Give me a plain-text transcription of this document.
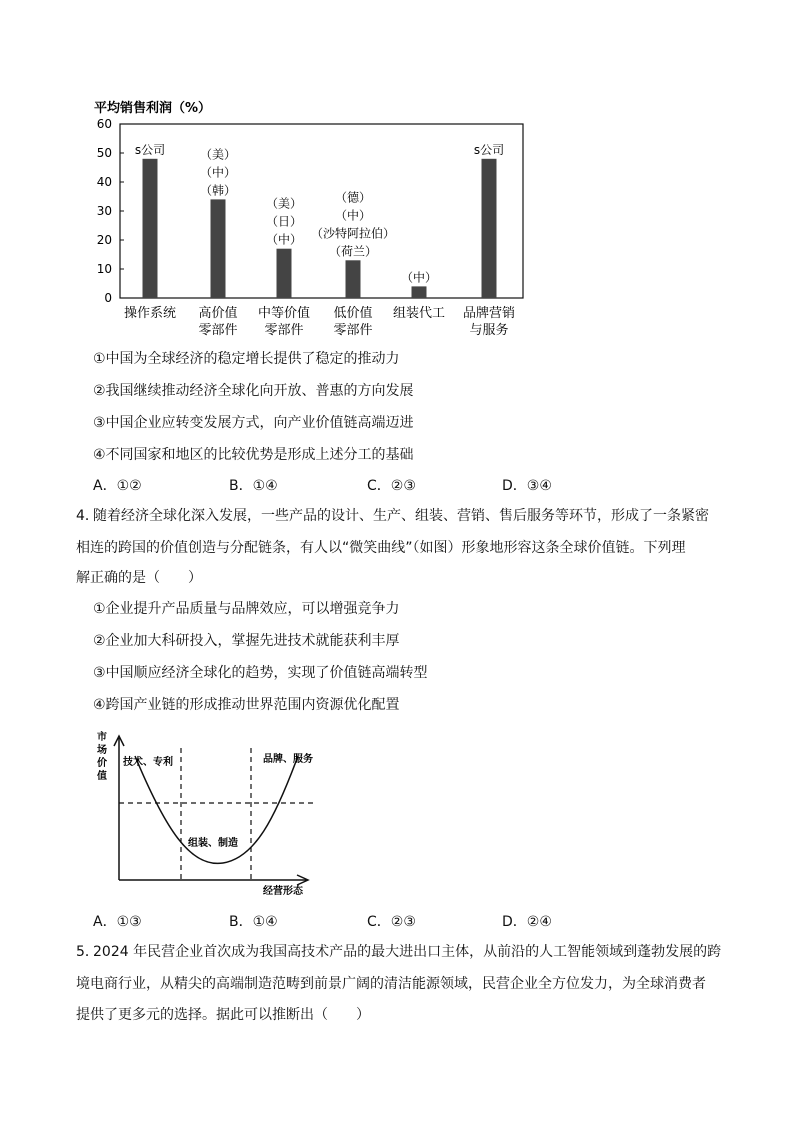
平均销售利润（%）
60
50
40
30
20
10
0
s公司
操作系统
（美）
（中）
（韩）
高价值
零部件
（美）
（日）
（中）
中等价值
零部件
（德）
（中）
（沙特阿拉伯）
（荷兰）
低价值
零部件
（中）
组装代工
s公司
品牌营销
与服务
①中国为全球经济的稳定增长提供了稳定的推动力
②我国继续推动经济全球化向开放、普惠的方向发展
③中国企业应转变发展方式，向产业价值链高端迈进
④不同国家和地区的比较优势是形成上述分工的基础
A．①②	B．①④	C．②③	D．③④
4．
随着经济全球化深入发展，一些产品的设计、生产、组装、营销、售后服务等环节，形成了一条紧密
相连的跨国的价值创造与分配链条，有人以“微笑曲线”（如图）形象地形容这条全球价值链。下列理
解正确的是（　　）
①企业提升产品质量与品牌效应，可以增强竞争力
②企业加大科研投入，掌握先进技术就能获利丰厚
③中国顺应经济全球化的趋势，实现了价值链高端转型
④跨国产业链的形成推动世界范围内资源优化配置
市
场
价
值
技术、专利	品牌、服务
组装、制造
经营形态
A．①③	B．①④	C．②③	D．②④
5．
2024 年民营企业首次成为我国高技术产品的最大进出口主体，从前沿的人工智能领域到蓬勃发展的跨
境电商行业，从精尖的高端制造范畴到前景广阔的清洁能源领域，民营企业全方位发力，为全球消费者
提供了更多元的选择。据此可以推断出（　　）
